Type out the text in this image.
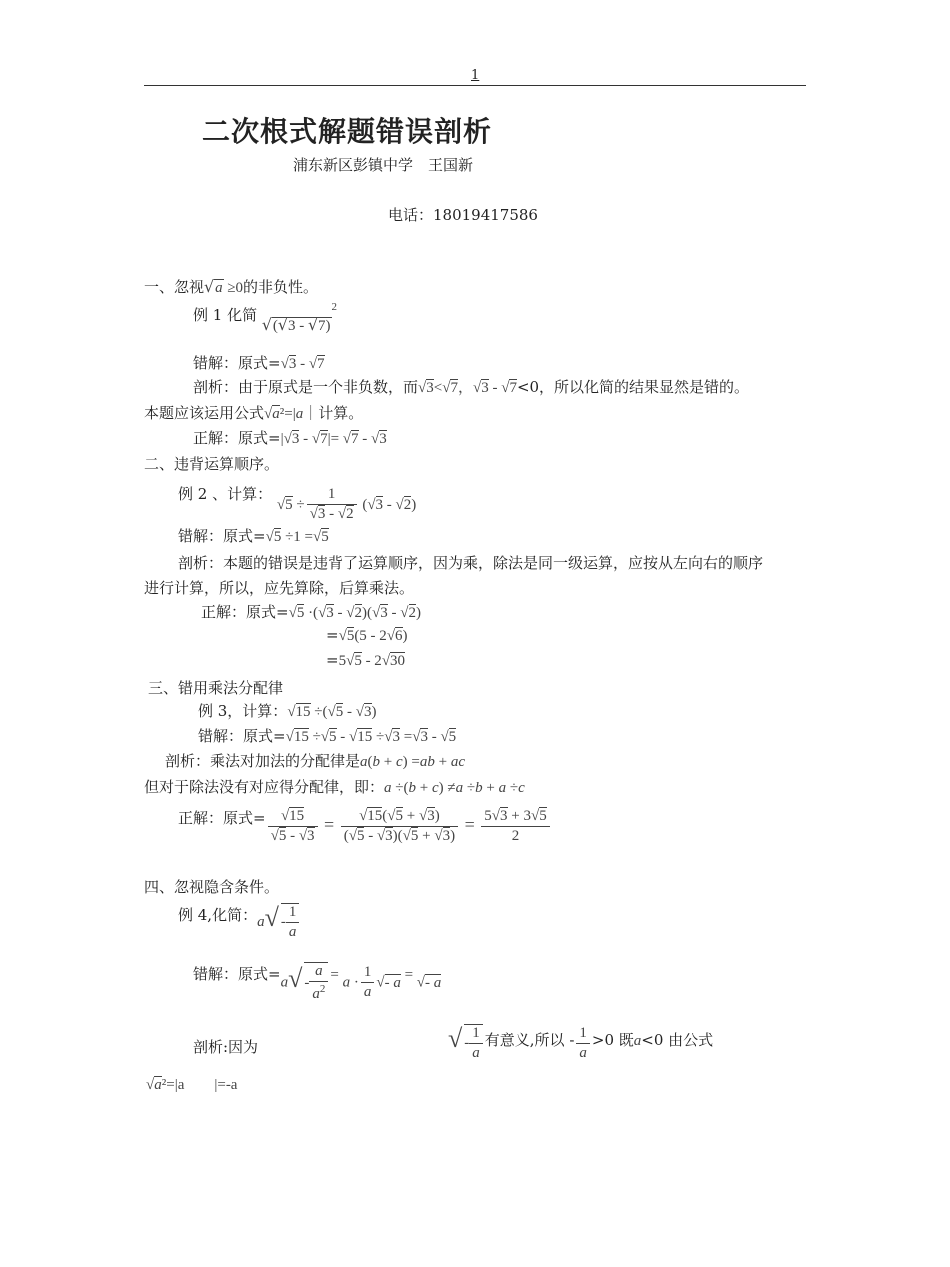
1
二次根式解题错误剖析
浦东新区彭镇中学　王国新
电话：18019417586
一、忽视√a ≥0的非负性。
例 1 化简 √(√3 - √7)$^2$
错解：原式=√3 - √7
剖析：由于原式是一个非负数，而√3<√7，√3 - √7<0，所以化简的结果显然是错的。
本题应该运用公式√a²=|a｜计算。
正解：原式=|√3 - √7|= √7 - √3
二、违背运算顺序。
例 2 、计算： $√5 \div \frac{1}{√3 - √2} (√3 - √2)$
错解：原式=√5 ÷1 =√5
剖析：本题的错误是违背了运算顺序，因为乘，除法是同一级运算，应按从左向右的顺序
进行计算，所以，应先算除，后算乘法。
正解：原式=√5 ·(√3 - √2)(√3 - √2)
=√5(5 - 2√6)
=5√5 - 2√30
三、错用乘法分配律
例 3，计算：√15 ÷(√5 - √3)
错解：原式=√15 ÷√5 - √15 ÷√3 =√3 - √5
剖析：乘法对加法的分配律是a(b + c) =ab + ac
但对于除法没有对应得分配律，即：a ÷(b + c) ≠a ÷b + a ÷c
正解：原式= $\frac{√15}{√5 - √3} = \frac{√15(√5 + √3)}{(√5 - √3)(√5 + √3)} = \frac{5√3 + 3√5}{2}$
四、忽视隐含条件。
例 4,化简：$a√ - \frac{1}{a}$
错解：原式$=a√ - \frac{a}{a^2} = a \cdot \frac{1}{a}$ √- a = √- a
剖析:因为	√ - $\frac{1}{a}$ 有意义,所以 - $\frac{1}{a} >0$ 既a<0 由公式
√a²=|a　　|=-a
